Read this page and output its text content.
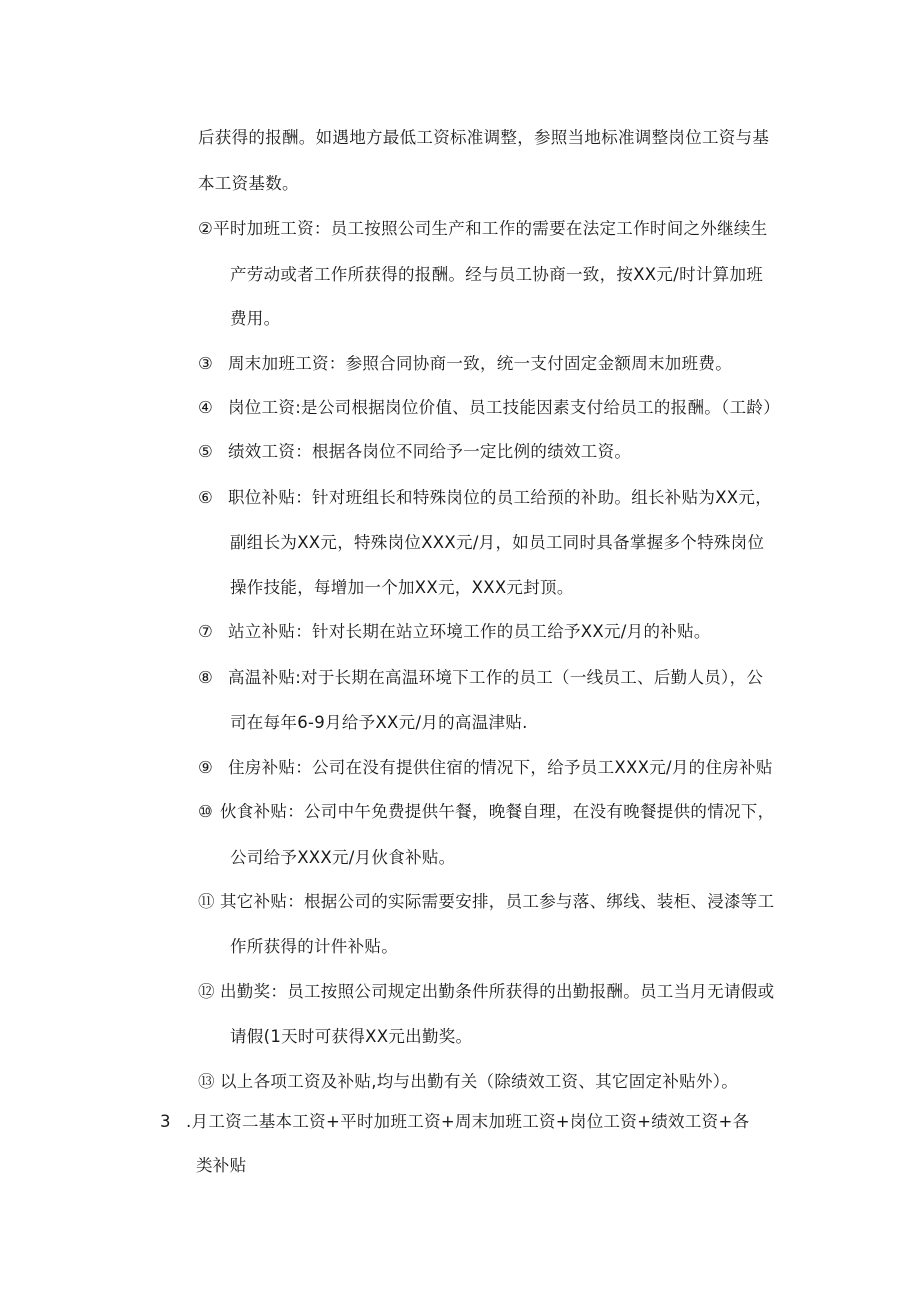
后获得的报酬。如遇地方最低工资标准调整，参照当地标准调整岗位工资与基
本工资基数。
②平时加班工资：员工按照公司生产和工作的需要在法定工作时间之外继续生
产劳动或者工作所获得的报酬。经与员工协商一致，按XX元/时计算加班
费用。
③ 周末加班工资：参照合同协商一致，统一支付固定金额周末加班费。
④ 岗位工资:是公司根据岗位价值、员工技能因素支付给员工的报酬。（工龄）
⑤ 绩效工资：根据各岗位不同给予一定比例的绩效工资。
⑥ 职位补贴：针对班组长和特殊岗位的员工给预的补助。组长补贴为XX元，
副组长为XX元，特殊岗位XXX元/月，如员工同时具备掌握多个特殊岗位
操作技能，每增加一个加XX元，XXX元封顶。
⑦ 站立补贴：针对长期在站立环境工作的员工给予XX元/月的补贴。
⑧ 高温补贴:对于长期在高温环境下工作的员工（一线员工、后勤人员），公
司在每年6-9月给予XX元/月的高温津贴.
⑨ 住房补贴：公司在没有提供住宿的情况下，给予员工XXX元/月的住房补贴
⑩ 伙食补贴：公司中午免费提供午餐，晚餐自理，在没有晚餐提供的情况下，
公司给予XXX元/月伙食补贴。
⑪ 其它补贴：根据公司的实际需要安排，员工参与落、绑线、装柜、浸漆等工
作所获得的计件补贴。
⑫ 出勤奖：员工按照公司规定出勤条件所获得的出勤报酬。员工当月无请假或
请假(1天时可获得XX元出勤奖。
⑬ 以上各项工资及补贴,均与出勤有关（除绩效工资、其它固定补贴外）。
3 .月工资二基本工资+平时加班工资+周末加班工资+岗位工资+绩效工资+各
类补贴
